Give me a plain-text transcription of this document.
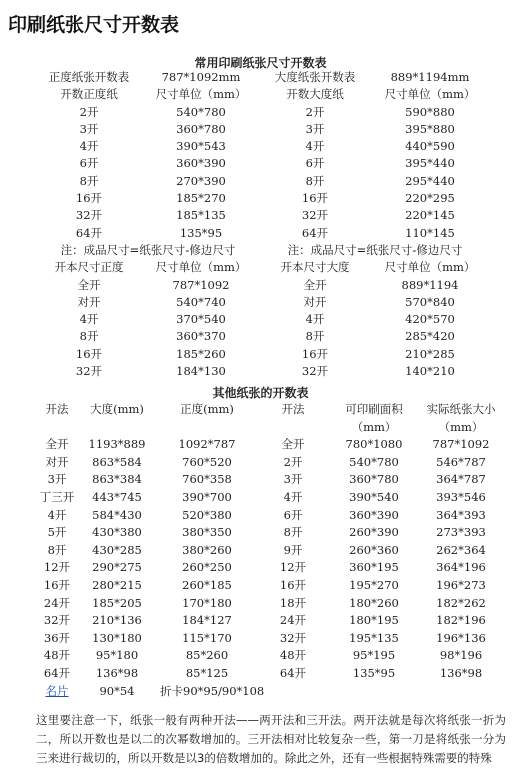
印刷纸张尺寸开数表
常用印刷纸张尺寸开数表
正度纸张开数表	787*1092mm	大度纸张开数表	889*1194mm
开数正度纸	尺寸单位（mm）	开数大度纸	尺寸单位（mm）
2开	540*780	2开	590*880
3开	360*780	3开	395*880
4开	390*543	4开	440*590
6开	360*390	6开	395*440
8开	270*390	8开	295*440
16开	185*270	16开	220*295
32开	185*135	32开	220*145
64开	135*95	64开	110*145
注：成品尺寸=纸张尺寸-修边尺寸		注：成品尺寸=纸张尺寸-修边尺寸	
开本尺寸正度	尺寸单位（mm）	开本尺寸大度	尺寸单位（mm）
全开	787*1092	全开	889*1194
对开	540*740	对开	570*840
4开	370*540	4开	420*570
8开	360*370	8开	285*420
16开	185*260	16开	210*285
32开	184*130	32开	140*210
其他纸张的开数表
开法	大度(mm)	正度(mm)	开法	可印刷面积	实际纸张大小
				（mm）	（mm）
全开	1193*889	1092*787	全开	780*1080	787*1092
对开	863*584	760*520	2开	540*780	546*787
3开	863*384	760*358	3开	360*780	364*787
丁三开	443*745	390*700	4开	390*540	393*546
4开	584*430	520*380	6开	360*390	364*393
5开	430*380	380*350	8开	260*390	273*393
8开	430*285	380*260	9开	260*360	262*364
12开	290*275	260*250	12开	360*195	364*196
16开	280*215	260*185	16开	195*270	196*273
24开	185*205	170*180	18开	180*260	182*262
32开	210*136	184*127	24开	180*195	182*196
36开	130*180	115*170	32开	195*135	196*136
48开	95*180	85*260	48开	95*195	98*196
64开	136*98	85*125	64开	135*95	136*98
名片	90*54	折卡90*95/90*108			
这里要注意一下，纸张一般有两种开法——两开法和三开法。两开法就是每次将纸张一折为二，所以开数也是以二的次幂数增加的。三开法相对比较复杂一些，第一刀是将纸张一分为三来进行裁切的，所以开数是以3的倍数增加的。除此之外，还有一些根据特殊需要的特殊
